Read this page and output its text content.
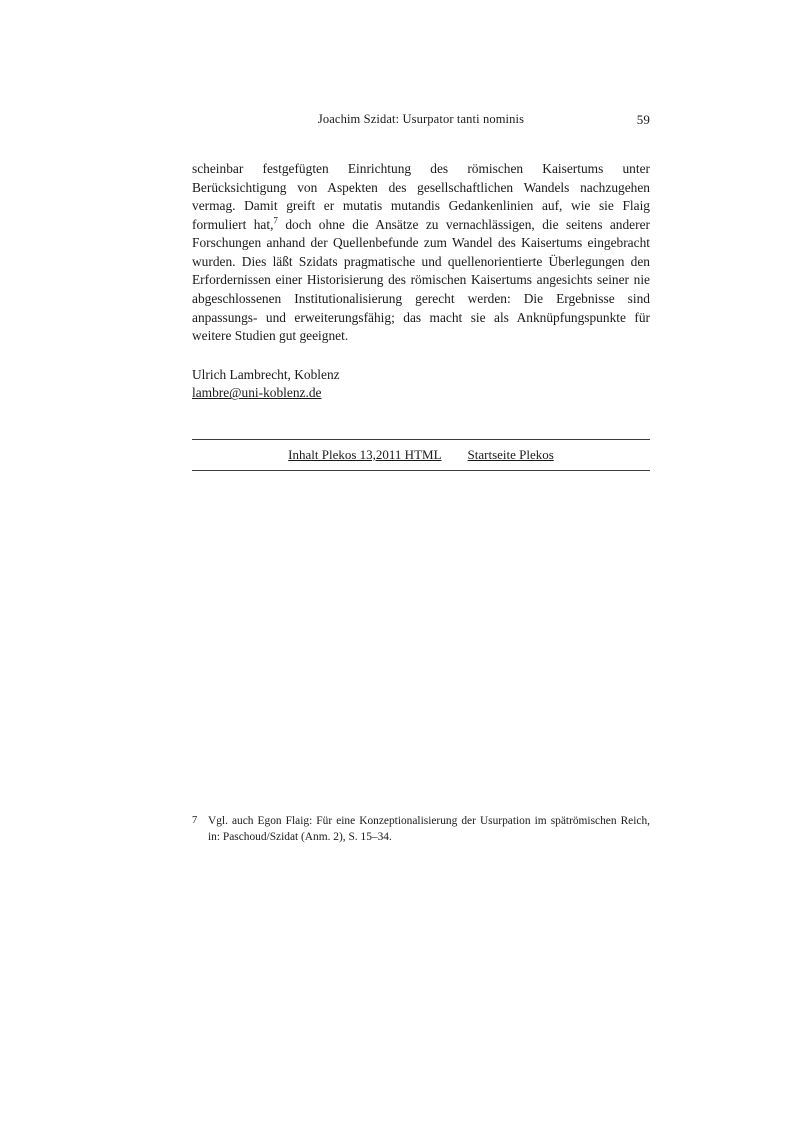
Joachim Szidat: Usurpator tanti nominis	59

scheinbar festgefügten Einrichtung des römischen Kaisertums unter Berücksichtigung von Aspekten des gesellschaftlichen Wandels nachzugehen vermag. Damit greift er mutatis mutandis Gedankenlinien auf, wie sie Flaig formuliert hat,$^7$ doch ohne die Ansätze zu vernachlässigen, die seitens anderer Forschungen anhand der Quellenbefunde zum Wandel des Kaisertums eingebracht wurden. Dies läßt Szidats pragmatische und quellenorientierte Überlegungen den Erfordernissen einer Historisierung des römischen Kaisertums angesichts seiner nie abgeschlossenen Institutionalisierung gerecht werden: Die Ergebnisse sind anpassungs- und erweiterungsfähig; das macht sie als Anknüpfungspunkte für weitere Studien gut geeignet.

Ulrich Lambrecht, Koblenz
lambre@uni-koblenz.de
Inhalt Plekos 13,2011 HTML Startseite Plekos
7 Vgl. auch Egon Flaig: Für eine Konzeptionalisierung der Usurpation im spätrömischen Reich, in: Paschoud/Szidat (Anm. 2), S. 15–34.
